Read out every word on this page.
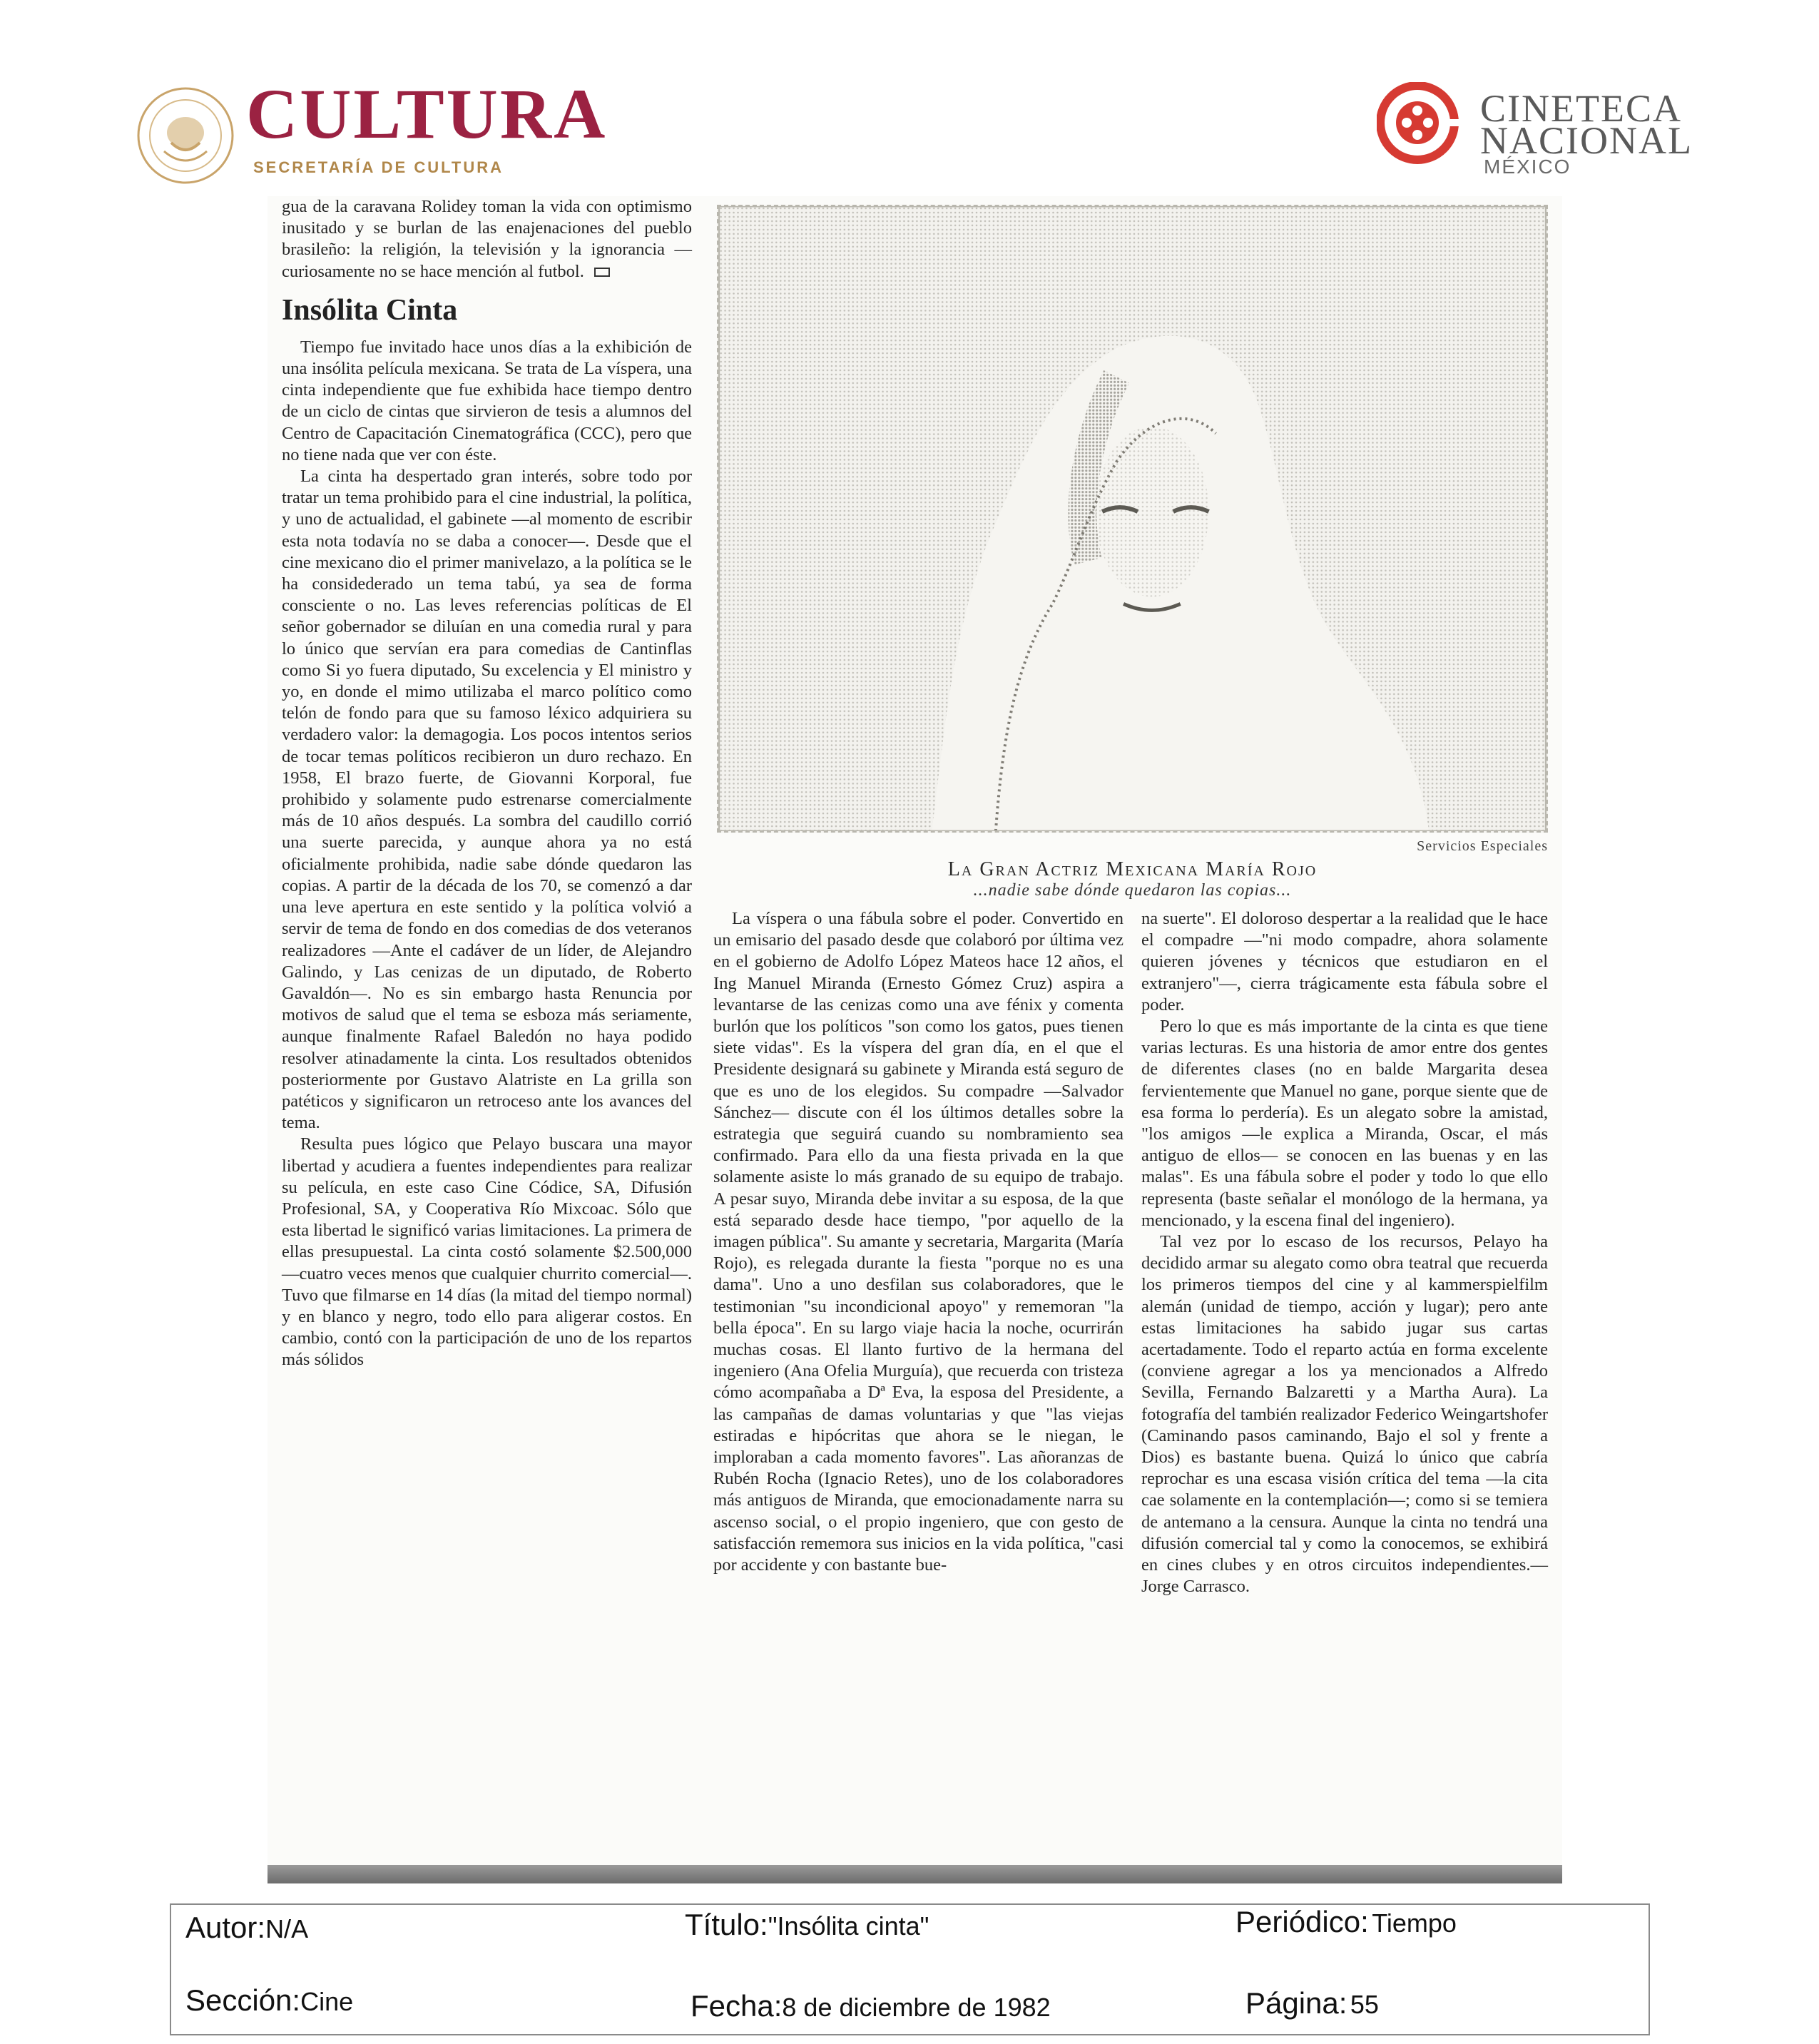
CULTURA
SECRETARÍA DE CULTURA
CINETECA
NACIONAL
MÉXICO

gua de la caravana Rolidey toman la vida con optimismo inusitado y se burlan de las enajenaciones del pueblo brasileño: la religión, la televisión y la ignorancia —curiosamente no se hace mención al futbol.

Insólita Cinta

Tiempo fue invitado hace unos días a la exhibición de una insólita película mexicana. Se trata de La víspera, una cinta independiente que fue exhibida hace tiempo dentro de un ciclo de cintas que sirvieron de tesis a alumnos del Centro de Capacitación Cinematográfica (CCC), pero que no tiene nada que ver con éste.

La cinta ha despertado gran interés, sobre todo por tratar un tema prohibido para el cine industrial, la política, y uno de actualidad, el gabinete —al momento de escribir esta nota todavía no se daba a conocer—. Desde que el cine mexicano dio el primer manivelazo, a la política se le ha considederado un tema tabú, ya sea de forma consciente o no. Las leves referencias políticas de El señor gobernador se diluían en una comedia rural y para lo único que servían era para comedias de Cantinflas como Si yo fuera diputado, Su excelencia y El ministro y yo, en donde el mimo utilizaba el marco político como telón de fondo para que su famoso léxico adquiriera su verdadero valor: la demagogia. Los pocos intentos serios de tocar temas políticos recibieron un duro rechazo. En 1958, El brazo fuerte, de Giovanni Korporal, fue prohibido y solamente pudo estrenarse comercialmente más de 10 años después. La sombra del caudillo corrió una suerte parecida, y aunque ahora ya no está oficialmente prohibida, nadie sabe dónde quedaron las copias. A partir de la década de los 70, se comenzó a dar una leve apertura en este sentido y la política volvió a servir de tema de fondo en dos comedias de dos veteranos realizadores —Ante el cadáver de un líder, de Alejandro Galindo, y Las cenizas de un diputado, de Roberto Gavaldón—. No es sin embargo hasta Renuncia por motivos de salud que el tema se esboza más seriamente, aunque finalmente Rafael Baledón no haya podido resolver atinadamente la cinta. Los resultados obtenidos posteriormente por Gustavo Alatriste en La grilla son patéticos y significaron un retroceso ante los avances del tema.

Resulta pues lógico que Pelayo buscara una mayor libertad y acudiera a fuentes independientes para realizar su película, en este caso Cine Códice, SA, Difusión Profesional, SA, y Cooperativa Río Mixcoac. Sólo que esta libertad le significó varias limitaciones. La primera de ellas presupuestal. La cinta costó solamente $2.500,000 —cuatro veces menos que cualquier churrito comercial—. Tuvo que filmarse en 14 días (la mitad del tiempo normal) y en blanco y negro, todo ello para aligerar costos. En cambio, contó con la participación de uno de los repartos más sólidos

Servicios Especiales
La Gran Actriz Mexicana María Rojo
...nadie sabe dónde quedaron las copias...

La víspera o una fábula sobre el poder. Convertido en un emisario del pasado desde que colaboró por última vez en el gobierno de Adolfo López Mateos hace 12 años, el Ing Manuel Miranda (Ernesto Gómez Cruz) aspira a levantarse de las cenizas como una ave fénix y comenta burlón que los políticos "son como los gatos, pues tienen siete vidas". Es la víspera del gran día, en el que el Presidente designará su gabinete y Miranda está seguro de que es uno de los elegidos. Su compadre —Salvador Sánchez— discute con él los últimos detalles sobre la estrategia que seguirá cuando su nombramiento sea confirmado. Para ello da una fiesta privada en la que solamente asiste lo más granado de su equipo de trabajo. A pesar suyo, Miranda debe invitar a su esposa, de la que está separado desde hace tiempo, "por aquello de la imagen pública". Su amante y secretaria, Margarita (María Rojo), es relegada durante la fiesta "porque no es una dama". Uno a uno desfilan sus colaboradores, que le testimonian "su incondicional apoyo" y rememoran "la bella época". En su largo viaje hacia la noche, ocurrirán muchas cosas. El llanto furtivo de la hermana del ingeniero (Ana Ofelia Murguía), que recuerda con tristeza cómo acompañaba a Dª Eva, la esposa del Presidente, a las campañas de damas voluntarias y que "las viejas estiradas e hipócritas que ahora se le niegan, le imploraban a cada momento favores". Las añoranzas de Rubén Rocha (Ignacio Retes), uno de los colaboradores más antiguos de Miranda, que emocionadamente narra su ascenso social, o el propio ingeniero, que con gesto de satisfacción rememora sus inicios en la vida política, "casi por accidente y con bastante bue-

na suerte". El doloroso despertar a la realidad que le hace el compadre —"ni modo compadre, ahora solamente quieren jóvenes y técnicos que estudiaron en el extranjero"—, cierra trágicamente esta fábula sobre el poder.

Pero lo que es más importante de la cinta es que tiene varias lecturas. Es una historia de amor entre dos gentes de diferentes clases (no en balde Margarita desea fervientemente que Manuel no gane, porque siente que de esa forma lo perdería). Es un alegato sobre la amistad, "los amigos —le explica a Miranda, Oscar, el más antiguo de ellos— se conocen en las buenas y en las malas". Es una fábula sobre el poder y todo lo que ello representa (baste señalar el monólogo de la hermana, ya mencionado, y la escena final del ingeniero).

Tal vez por lo escaso de los recursos, Pelayo ha decidido armar su alegato como obra teatral que recuerda los primeros tiempos del cine y al kammerspielfilm alemán (unidad de tiempo, acción y lugar); pero ante estas limitaciones ha sabido jugar sus cartas acertadamente. Todo el reparto actúa en forma excelente (conviene agregar a los ya mencionados a Alfredo Sevilla, Fernando Balzaretti y a Martha Aura). La fotografía del también realizador Federico Weingartshofer (Caminando pasos caminando, Bajo el sol y frente a Dios) es bastante buena. Quizá lo único que cabría reprochar es una escasa visión crítica del tema —la cita cae solamente en la contemplación—; como si se temiera de antemano a la censura. Aunque la cinta no tendrá una difusión comercial tal y como la conocemos, se exhibirá en cines clubes y en otros circuitos independientes.—Jorge Carrasco.

Autor:N/A	Título:"Insólita cinta"	Periódico: Tiempo
Sección:Cine	Fecha:8 de diciembre de 1982	Página: 55
